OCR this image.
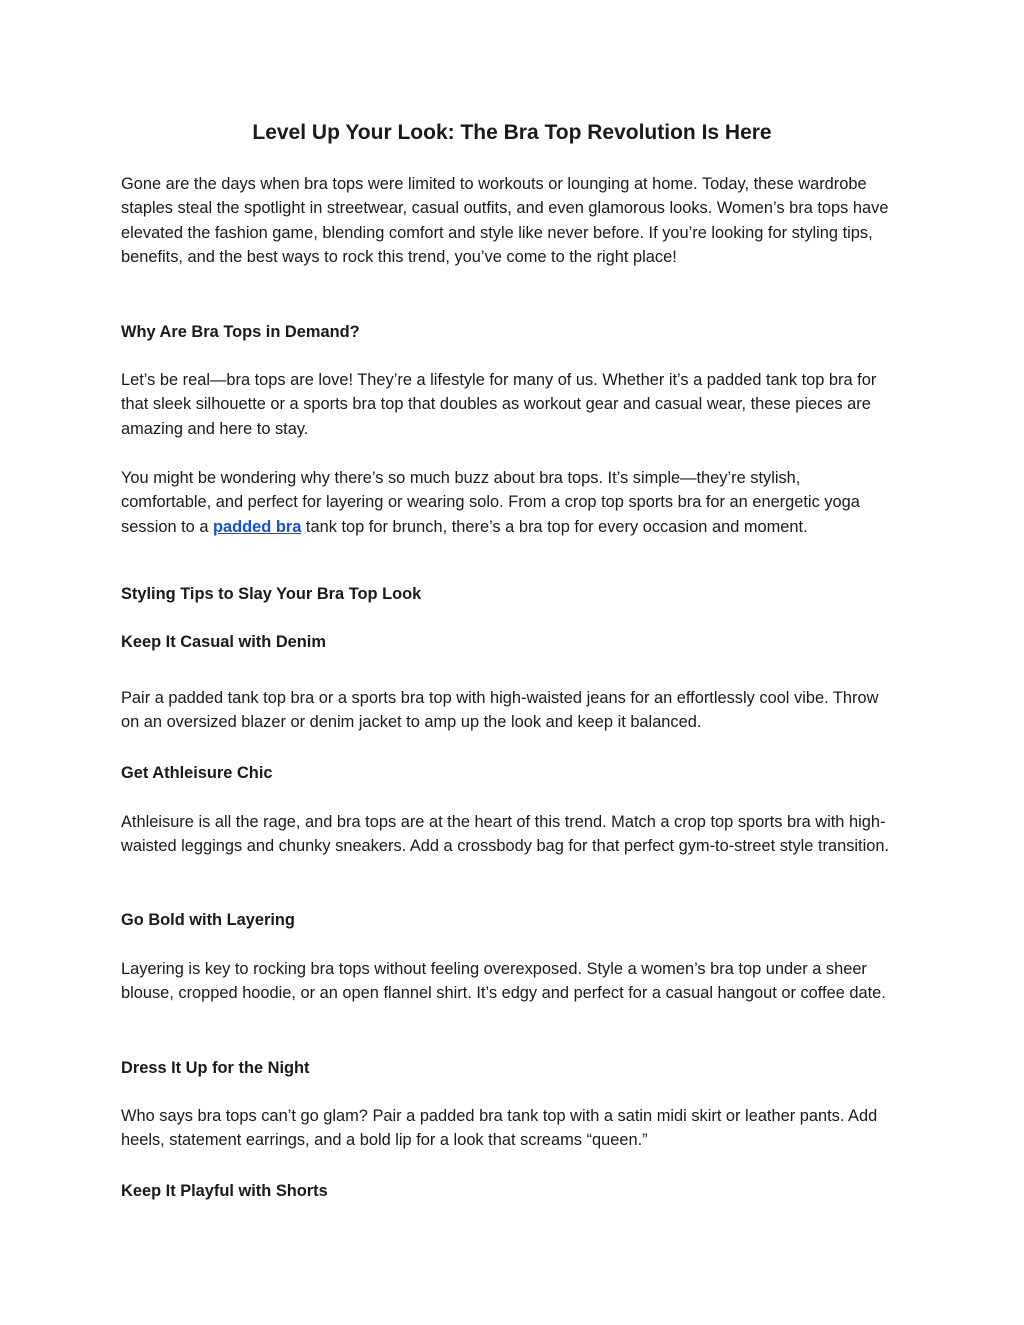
Level Up Your Look: The Bra Top Revolution Is Here

Gone are the days when bra tops were limited to workouts or lounging at home. Today, these wardrobe staples steal the spotlight in streetwear, casual outfits, and even glamorous looks. Women’s bra tops have elevated the fashion game, blending comfort and style like never before. If you’re looking for styling tips, benefits, and the best ways to rock this trend, you’ve come to the right place!

Why Are Bra Tops in Demand?

Let’s be real—bra tops are love! They’re a lifestyle for many of us. Whether it’s a padded tank top bra for that sleek silhouette or a sports bra top that doubles as workout gear and casual wear, these pieces are amazing and here to stay.

You might be wondering why there’s so much buzz about bra tops. It’s simple—they’re stylish, comfortable, and perfect for layering or wearing solo. From a crop top sports bra for an energetic yoga session to a padded bra tank top for brunch, there’s a bra top for every occasion and moment.

Styling Tips to Slay Your Bra Top Look
Keep It Casual with Denim

Pair a padded tank top bra or a sports bra top with high-waisted jeans for an effortlessly cool vibe. Throw on an oversized blazer or denim jacket to amp up the look and keep it balanced.

Get Athleisure Chic

Athleisure is all the rage, and bra tops are at the heart of this trend. Match a crop top sports bra with high-waisted leggings and chunky sneakers. Add a crossbody bag for that perfect gym-to-street style transition.

Go Bold with Layering

Layering is key to rocking bra tops without feeling overexposed. Style a women’s bra top under a sheer blouse, cropped hoodie, or an open flannel shirt. It’s edgy and perfect for a casual hangout or coffee date.

Dress It Up for the Night

Who says bra tops can’t go glam? Pair a padded bra tank top with a satin midi skirt or leather pants. Add heels, statement earrings, and a bold lip for a look that screams “queen.”

Keep It Playful with Shorts
